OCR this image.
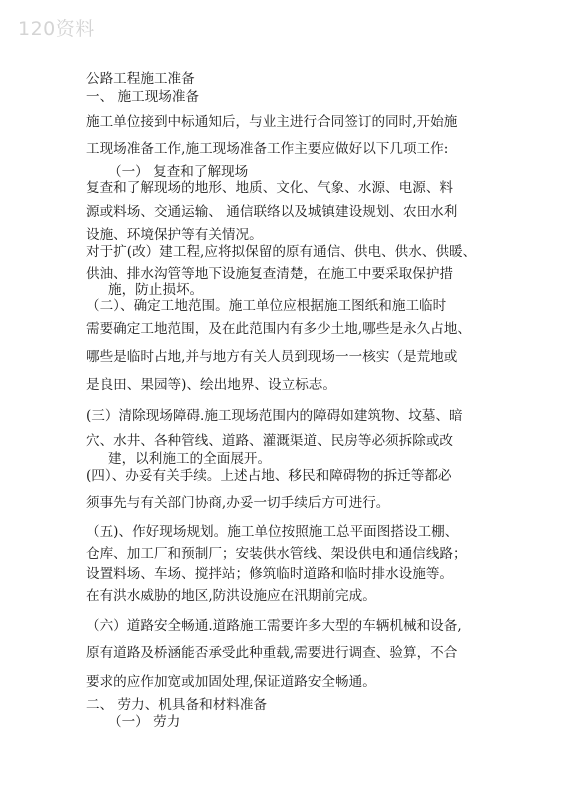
120资料
公路工程施工准备
一、 施工现场准备
施工单位接到中标通知后，与业主进行合同签订的同时,开始施
工现场准备工作,施工现场准备工作主要应做好以下几项工作:
（一） 复查和了解现场
复查和了解现场的地形、地质、文化、气象、水源、电源、料
源或料场、交通运输、 通信联络以及城镇建设规划、农田水利
设施、环境保护等有关情况。
对于扩(改）建工程,应将拟保留的原有通信、供电、供水、供暖、
供油、排水沟管等地下设施复查清楚，在施工中要采取保护措
施，防止损坏。
（二）、确定工地范围。施工单位应根据施工图纸和施工临时
需要确定工地范围，及在此范围内有多少土地,哪些是永久占地、
哪些是临时占地,并与地方有关人员到现场一一核实（是荒地或
是良田、果园等)、绘出地界、设立标志。
(三）清除现场障碍.施工现场范围内的障碍如建筑物、坟墓、暗
穴、水井、各种管线、道路、灌溉渠道、民房等必须拆除或改
建，以利施工的全面展开。
(四）、办妥有关手续。上述占地、移民和障碍物的拆迁等都必
须事先与有关部门协商,办妥一切手续后方可进行。
（五)、作好现场规划。施工单位按照施工总平面图搭设工棚、
仓库、加工厂和预制厂；安装供水管线、架设供电和通信线路；
设置料场、车场、搅拌站；修筑临时道路和临时排水设施等。
在有洪水威胁的地区,防洪设施应在汛期前完成。
（六）道路安全畅通.道路施工需要许多大型的车辆机械和设备,
原有道路及桥涵能否承受此种重载,需要进行调查、验算，不合
要求的应作加宽或加固处理,保证道路安全畅通。
二、 劳力、机具备和材料准备
（一） 劳力
